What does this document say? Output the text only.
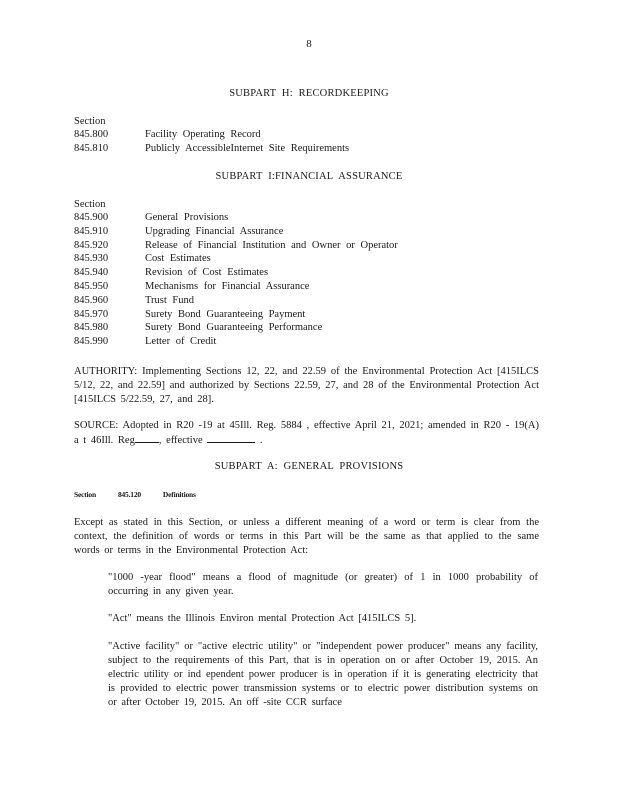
8
SUBPART H: RECORDKEEPING
Section
845.800	Facility Operating Record
845.810	Publicly AccessibleInternet Site Requirements
SUBPART I:FINANCIAL ASSURANCE
Section
845.900	General Provisions
845.910	Upgrading Financial Assurance
845.920	Release of Financial Institution and Owner or Operator
845.930	Cost Estimates
845.940	Revision of Cost Estimates
845.950	Mechanisms for Financial Assurance
845.960	Trust Fund
845.970	Surety Bond Guaranteeing Payment
845.980	Surety Bond Guaranteeing Performance
845.990	Letter of Credit
AUTHORITY: Implementing Sections 12, 22, and 22.59 of the Environmental Protection Act [415ILCS 5/12, 22, and 22.59] and authorized by Sections 22.59, 27, and 28 of the Environmental Protection Act [415ILCS 5/22.59, 27, and 28].
SOURCE: Adopted in R20 -19 at 45Ill. Reg. 5884 , effective April 21, 2021; amended in R20 - 19(A) a t 46Ill. Reg , effective	.
SUBPART A: GENERAL PROVISIONS
Section	845.120	Definitions
Except as stated in this Section, or unless a different meaning of a word or term is clear from the context, the definition of words or terms in this Part will be the same as that applied to the same words or terms in the Environmental Protection Act:
"1000 -year flood" means a flood of magnitude (or greater) of 1 in 1000 probability of occurring in any given year.
"Act" means the Illinois Environ mental Protection Act [415ILCS 5].
"Active facility" or "active electric utility" or "independent power producer" means any facility, subject to the requirements of this Part, that is in operation on or after October 19, 2015. An electric utility or ind ependent power producer is in operation if it is generating electricity that is provided to electric power transmission systems or to electric power distribution systems on or after October 19, 2015. An off -site CCR surface
